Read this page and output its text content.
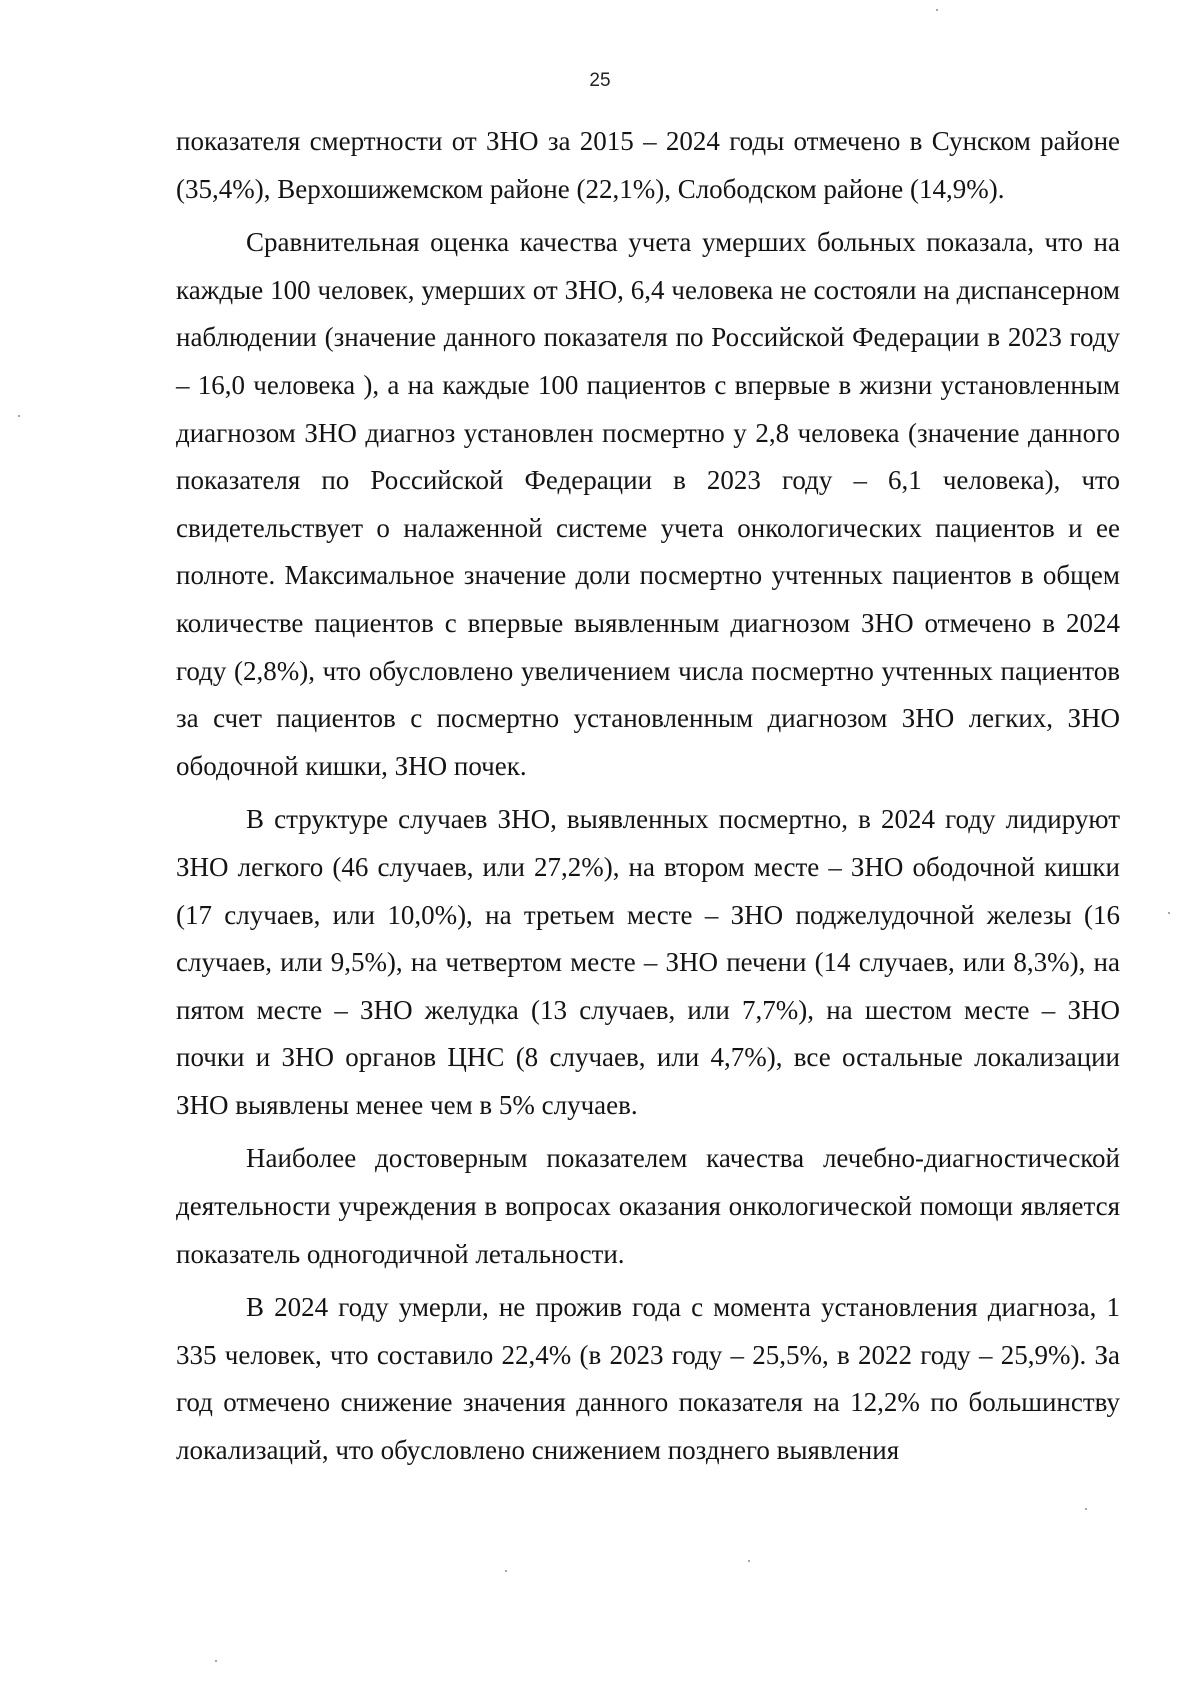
25

показателя смертности от ЗНО за 2015 – 2024 годы отмечено в Сунском районе (35,4%), Верхошижемском районе (22,1%), Слободском районе (14,9%).

Сравнительная оценка качества учета умерших больных показала, что на каждые 100 человек, умерших от ЗНО, 6,4 человека не состояли на диспансерном наблюдении (значение данного показателя по Российской Федерации в 2023 году – 16,0 человека ), а на каждые 100 пациентов с впервые в жизни установленным диагнозом ЗНО диагноз установлен посмертно у 2,8 человека (значение данного показателя по Российской Федерации в 2023 году – 6,1 человека), что свидетельствует о налаженной системе учета онкологических пациентов и ее полноте. Максимальное значение доли посмертно учтенных пациентов в общем количестве пациентов с впервые выявленным диагнозом ЗНО отмечено в 2024 году (2,8%), что обусловлено увеличением числа посмертно учтенных пациентов за счет пациентов с посмертно установленным диагнозом ЗНО легких, ЗНО ободочной кишки, ЗНО почек.

В структуре случаев ЗНО, выявленных посмертно, в 2024 году лидируют ЗНО легкого (46 случаев, или 27,2%), на втором месте – ЗНО ободочной кишки (17 случаев, или 10,0%), на третьем месте – ЗНО поджелудочной железы (16 случаев, или 9,5%), на четвертом месте – ЗНО печени (14 случаев, или 8,3%), на пятом месте – ЗНО желудка (13 случаев, или 7,7%), на шестом месте – ЗНО почки и ЗНО органов ЦНС (8 случаев, или 4,7%), все остальные локализации ЗНО выявлены менее чем в 5% случаев.

Наиболее достоверным показателем качества лечебно-диагностической деятельности учреждения в вопросах оказания онкологической помощи является показатель одногодичной летальности.

В 2024 году умерли, не прожив года с момента установления диагноза, 1 335 человек, что составило 22,4% (в 2023 году – 25,5%, в 2022 году – 25,9%). За год отмечено снижение значения данного показателя на 12,2% по большинству локализаций, что обусловлено снижением позднего выявления
